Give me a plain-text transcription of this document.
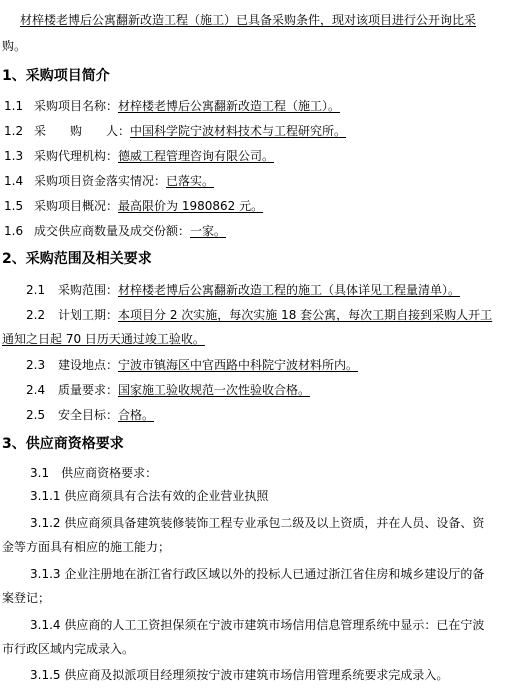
材梓楼老博后公寓翻新改造工程（施工）已具备采购条件，现对该项目进行公开询比采
购。
1、采购项目简介
1.1 采购项目名称：材梓楼老博后公寓翻新改造工程（施工）。
1.2 采　　购　　人：中国科学院宁波材料技术与工程研究所。
1.3 采购代理机构：德威工程管理咨询有限公司。
1.4 采购项目资金落实情况：已落实。
1.5 采购项目概况：最高限价为 1980862 元。
1.6 成交供应商数量及成交份额：一家。
2、采购范围及相关要求
2.1 采购范围：材梓楼老博后公寓翻新改造工程的施工（具体详见工程量清单）。
2.2 计划工期：本项目分 2 次实施，每次实施 18 套公寓，每次工期自接到采购人开工
通知之日起 70 日历天通过竣工验收。
2.3 建设地点：宁波市镇海区中官西路中科院宁波材料所内。
2.4 质量要求：国家施工验收规范一次性验收合格。
2.5 安全目标：合格。
3、供应商资格要求
3.1　供应商资格要求：
3.1.1 供应商须具有合法有效的企业营业执照
3.1.2 供应商须具备建筑装修装饰工程专业承包二级及以上资质，并在人员、设备、资
金等方面具有相应的施工能力；
3.1.3 企业注册地在浙江省行政区域以外的投标人已通过浙江省住房和城乡建设厅的备
案登记；
3.1.4 供应商的人工工资担保须在宁波市建筑市场信用信息管理系统中显示：已在宁波
市行政区域内完成录入。
3.1.5 供应商及拟派项目经理须按宁波市建筑市场信用管理系统要求完成录入。
